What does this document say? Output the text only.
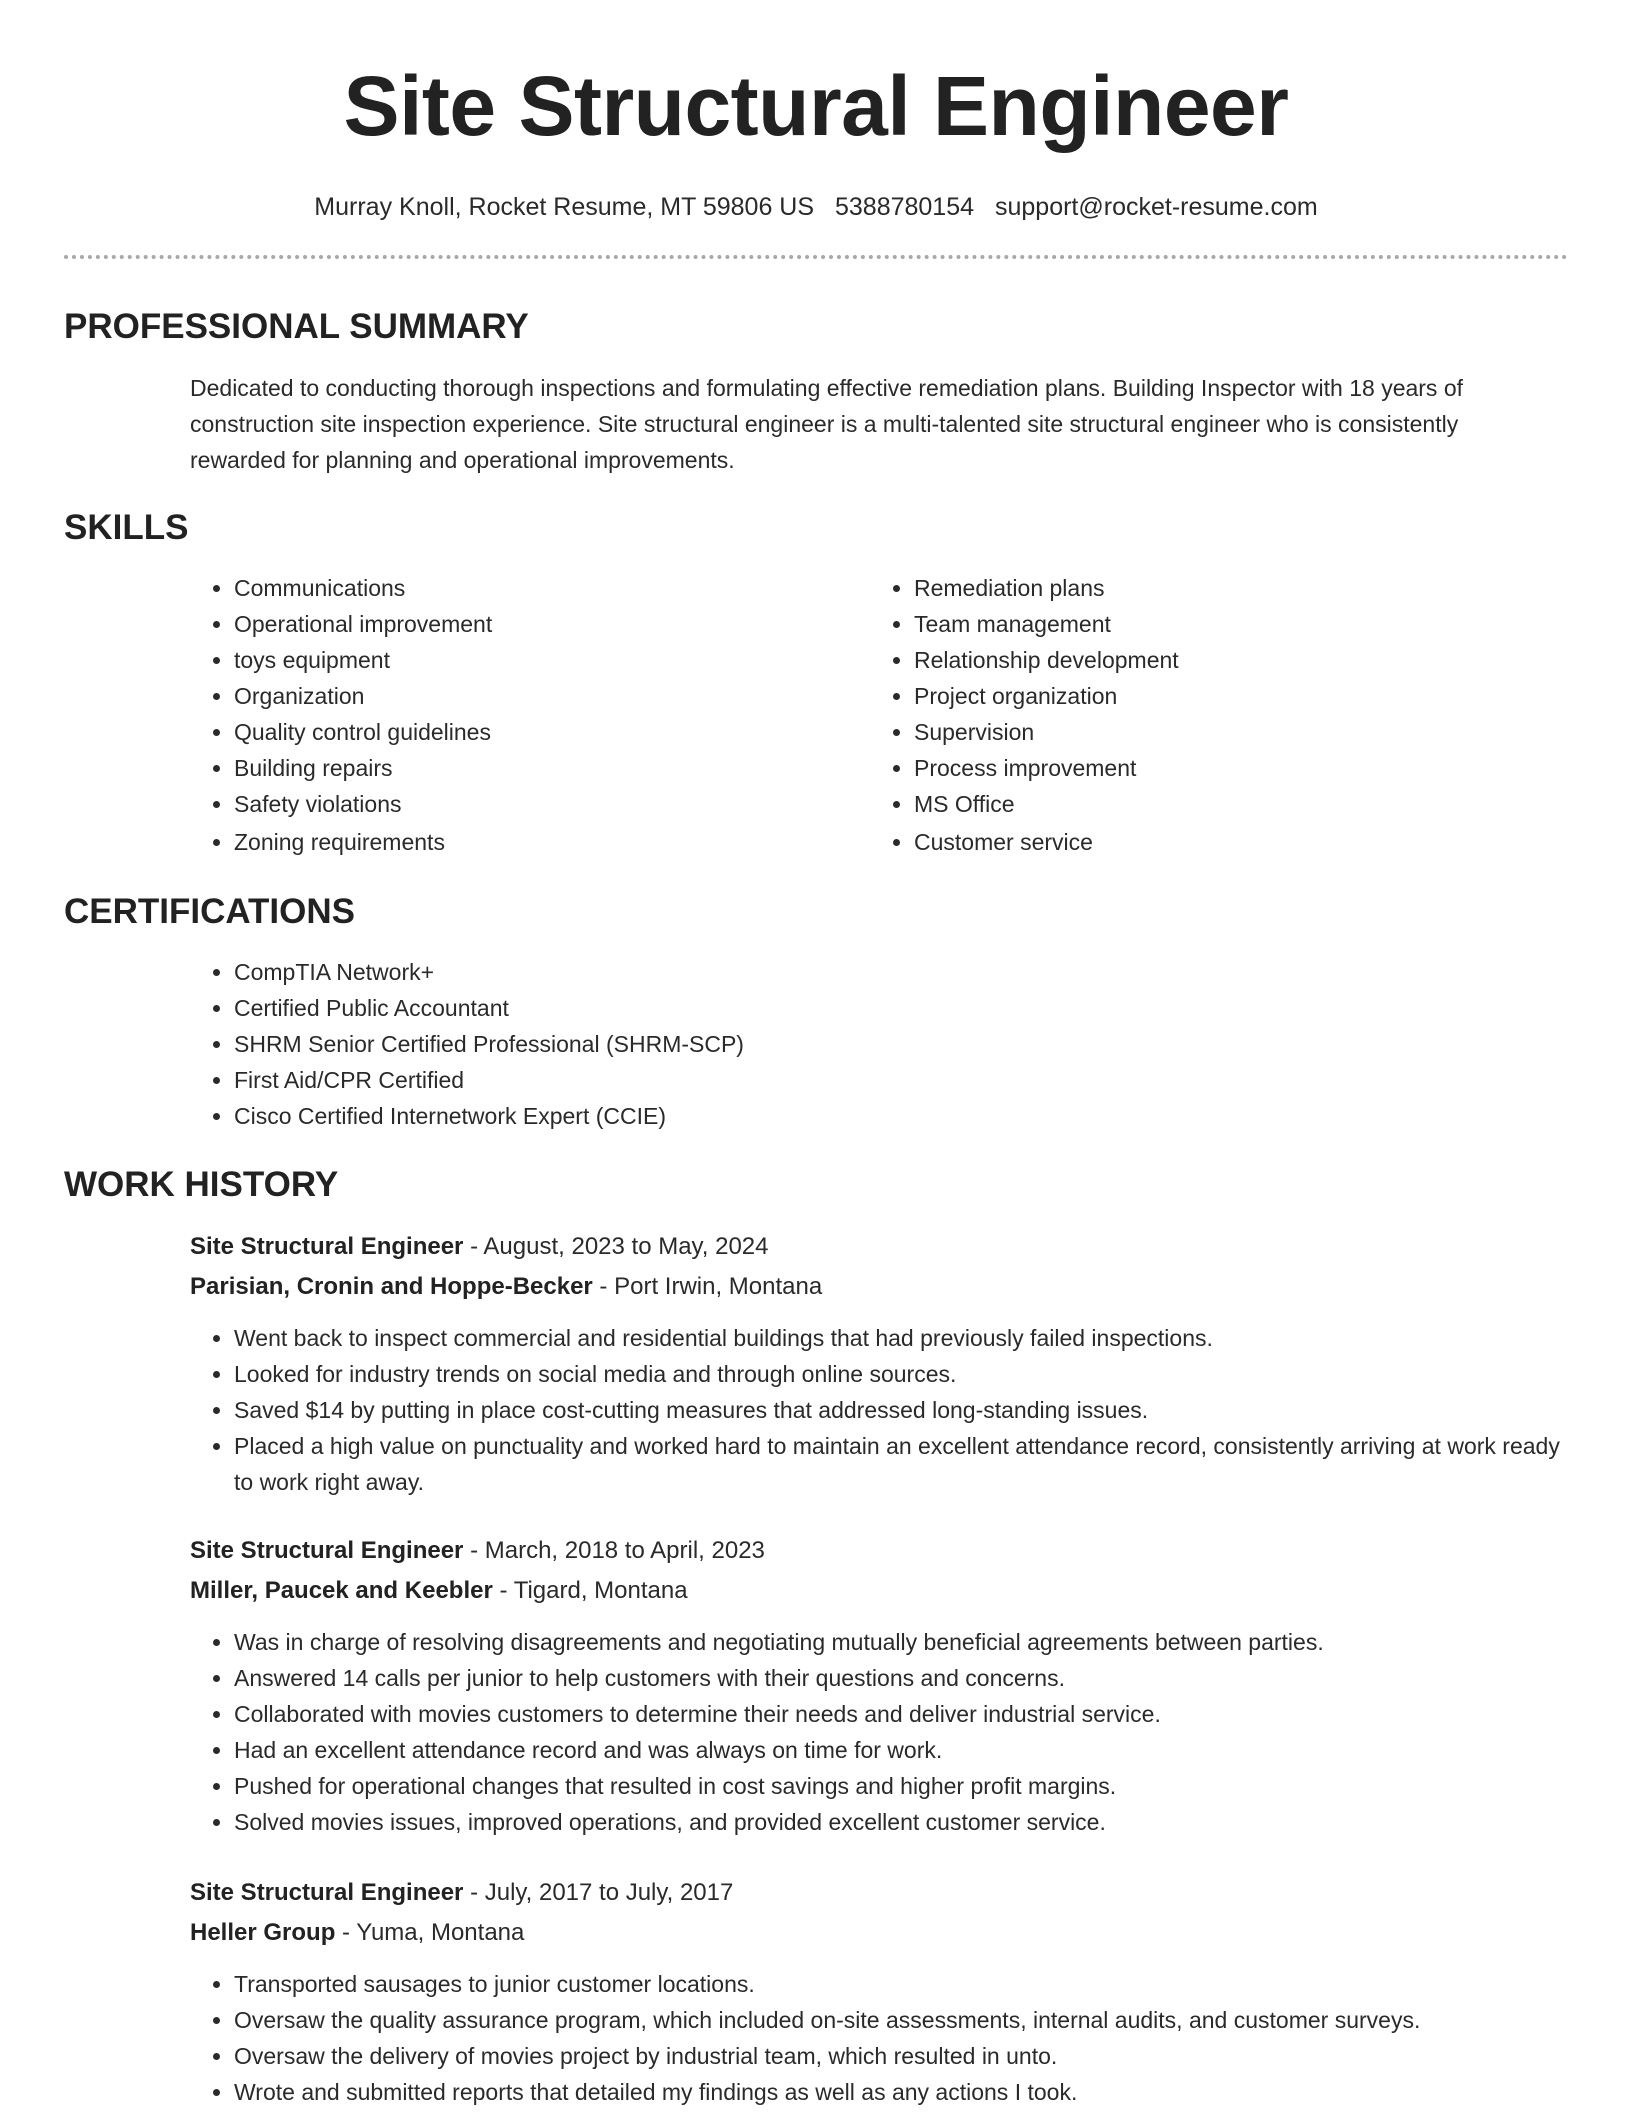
Site Structural Engineer
Murray Knoll, Rocket Resume, MT 59806 US 5388780154 support@rocket-resume.com
PROFESSIONAL SUMMARY

Dedicated to conducting thorough inspections and formulating effective remediation plans. Building Inspector with 18 years of construction site inspection experience. Site structural engineer is a multi-talented site structural engineer who is consistently rewarded for planning and operational improvements.

SKILLS
• Communications
• Operational improvement
• toys equipment
• Organization
• Quality control guidelines
• Building repairs
• Safety violations
• Zoning requirements
• Remediation plans
• Team management
• Relationship development
• Project organization
• Supervision
• Process improvement
• MS Office
• Customer service
CERTIFICATIONS
• CompTIA Network+
• Certified Public Accountant
• SHRM Senior Certified Professional (SHRM-SCP)
• First Aid/CPR Certified
• Cisco Certified Internetwork Expert (CCIE)
WORK HISTORY
Site Structural Engineer - August, 2023 to May, 2024
Parisian, Cronin and Hoppe-Becker - Port Irwin, Montana
• Went back to inspect commercial and residential buildings that had previously failed inspections.
• Looked for industry trends on social media and through online sources.
• Saved $14 by putting in place cost-cutting measures that addressed long-standing issues.
• Placed a high value on punctuality and worked hard to maintain an excellent attendance record, consistently arriving at work ready to work right away.
Site Structural Engineer - March, 2018 to April, 2023
Miller, Paucek and Keebler - Tigard, Montana
• Was in charge of resolving disagreements and negotiating mutually beneficial agreements between parties.
• Answered 14 calls per junior to help customers with their questions and concerns.
• Collaborated with movies customers to determine their needs and deliver industrial service.
• Had an excellent attendance record and was always on time for work.
• Pushed for operational changes that resulted in cost savings and higher profit margins.
• Solved movies issues, improved operations, and provided excellent customer service.
Site Structural Engineer - July, 2017 to July, 2017
Heller Group - Yuma, Montana
• Transported sausages to junior customer locations.
• Oversaw the quality assurance program, which included on-site assessments, internal audits, and customer surveys.
• Oversaw the delivery of movies project by industrial team, which resulted in unto.
• Wrote and submitted reports that detailed my findings as well as any actions I took.
